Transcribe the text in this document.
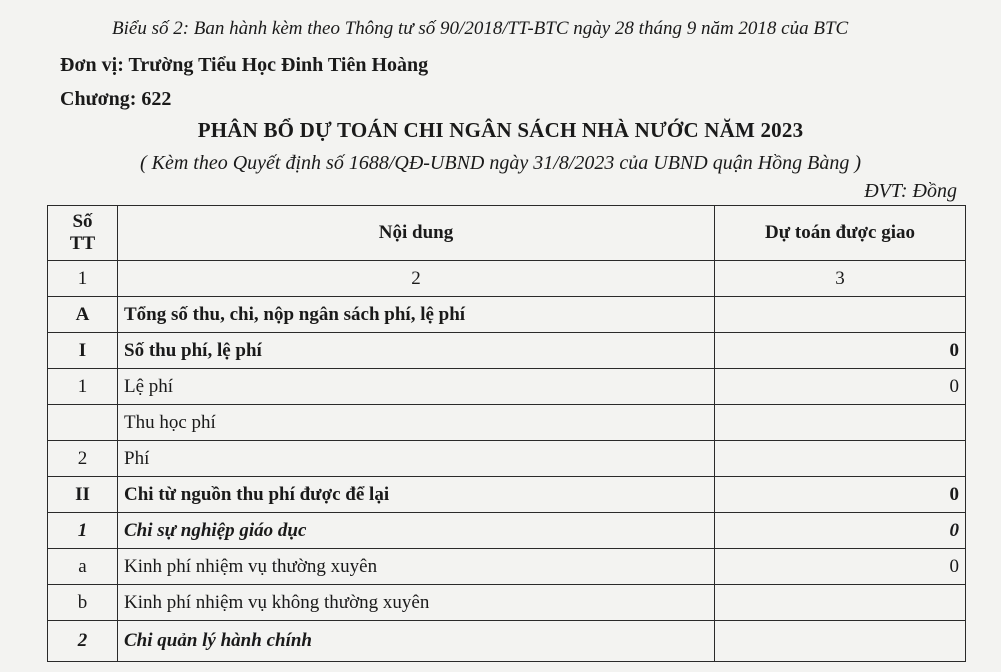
Biểu số 2: Ban hành kèm theo Thông tư số 90/2018/TT-BTC ngày 28 tháng 9 năm 2018 của BTC
Đơn vị: Trường Tiểu Học Đinh Tiên Hoàng
Chương: 622
PHÂN BỔ DỰ TOÁN CHI NGÂN SÁCH NHÀ NƯỚC NĂM 2023
( Kèm theo Quyết định số 1688/QĐ-UBND ngày 31/8/2023 của UBND quận Hồng Bàng )
ĐVT: Đồng
Số
TT	Nội dung	Dự toán được giao
1	2	3
A	Tổng số thu, chi, nộp ngân sách phí, lệ phí	
I	Số thu phí, lệ phí	0
1	Lệ phí	0
	Thu học phí	
2	Phí	
II	Chi từ nguồn thu phí được để lại	0
1	Chi sự nghiệp giáo dục	0
a	Kinh phí nhiệm vụ thường xuyên	0
b	Kinh phí nhiệm vụ không thường xuyên	
2	Chi quản lý hành chính	
